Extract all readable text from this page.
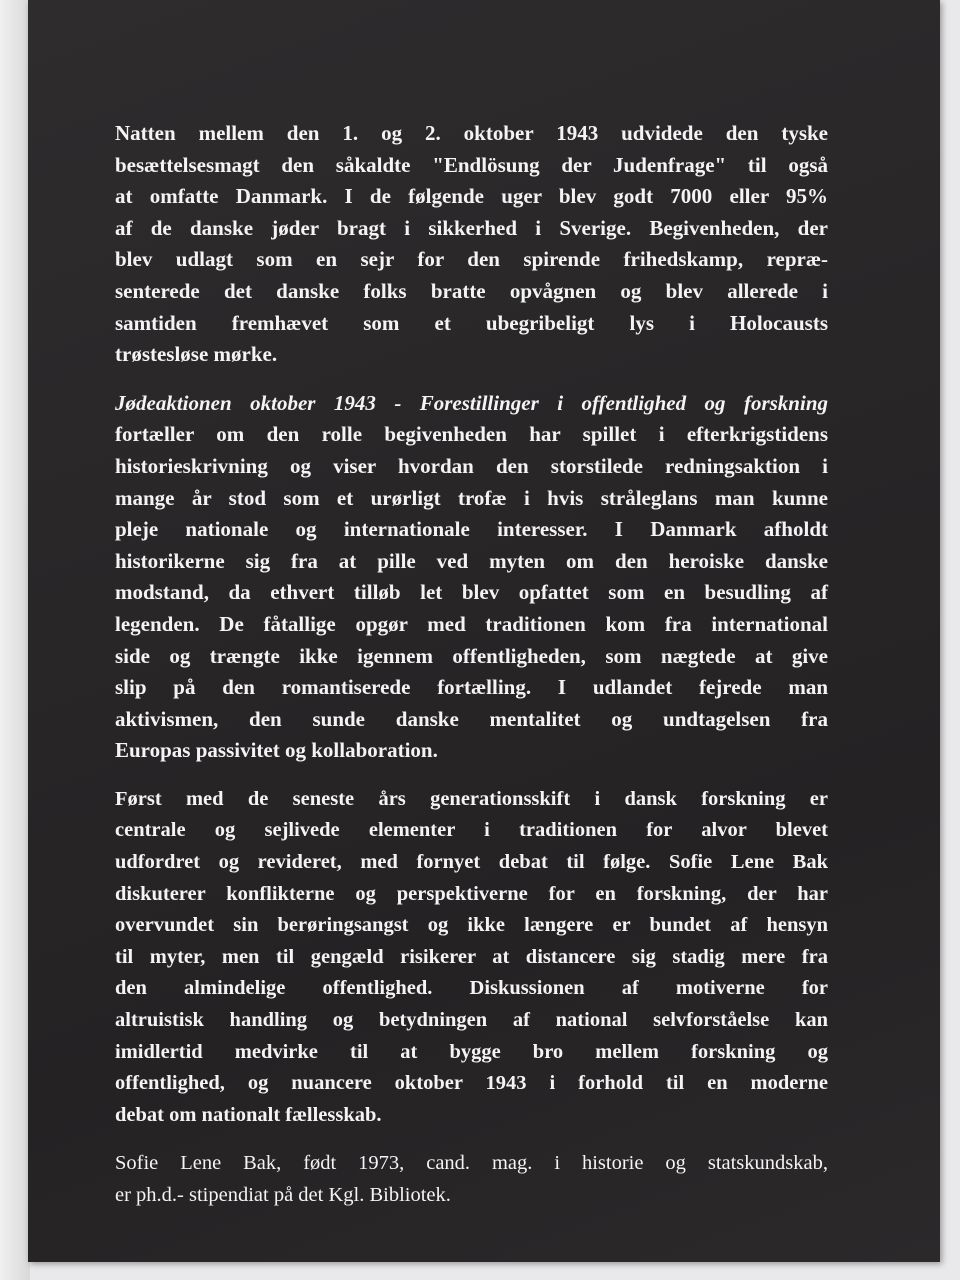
Natten mellem den 1. og 2. oktober 1943 udvidede den tyske
besættelsesmagt den såkaldte "Endlösung der Judenfrage" til også
at omfatte Danmark. I de følgende uger blev godt 7000 eller 95%
af de danske jøder bragt i sikkerhed i Sverige. Begivenheden, der
blev udlagt som en sejr for den spirende frihedskamp, repræ-
senterede det danske folks bratte opvågnen og blev allerede i
samtiden fremhævet som et ubegribeligt lys i Holocausts
trøstesløse mørke.
Jødeaktionen oktober 1943 - Forestillinger i offentlighed og forskning
fortæller om den rolle begivenheden har spillet i efterkrigstidens
historieskrivning og viser hvordan den storstilede redningsaktion i
mange år stod som et urørligt trofæ i hvis stråleglans man kunne
pleje nationale og internationale interesser. I Danmark afholdt
historikerne sig fra at pille ved myten om den heroiske danske
modstand, da ethvert tilløb let blev opfattet som en besudling af
legenden. De fåtallige opgør med traditionen kom fra international
side og trængte ikke igennem offentligheden, som nægtede at give
slip på den romantiserede fortælling. I udlandet fejrede man
aktivismen, den sunde danske mentalitet og undtagelsen fra
Europas passivitet og kollaboration.
Først med de seneste års generationsskift i dansk forskning er
centrale og sejlivede elementer i traditionen for alvor blevet
udfordret og revideret, med fornyet debat til følge. Sofie Lene Bak
diskuterer konflikterne og perspektiverne for en forskning, der har
overvundet sin berøringsangst og ikke længere er bundet af hensyn
til myter, men til gengæld risikerer at distancere sig stadig mere fra
den almindelige offentlighed. Diskussionen af motiverne for
altruistisk handling og betydningen af national selvforståelse kan
imidlertid medvirke til at bygge bro mellem forskning og
offentlighed, og nuancere oktober 1943 i forhold til en moderne
debat om nationalt fællesskab.
Sofie Lene Bak, født 1973, cand. mag. i historie og statskundskab,
er ph.d.- stipendiat på det Kgl. Bibliotek.
